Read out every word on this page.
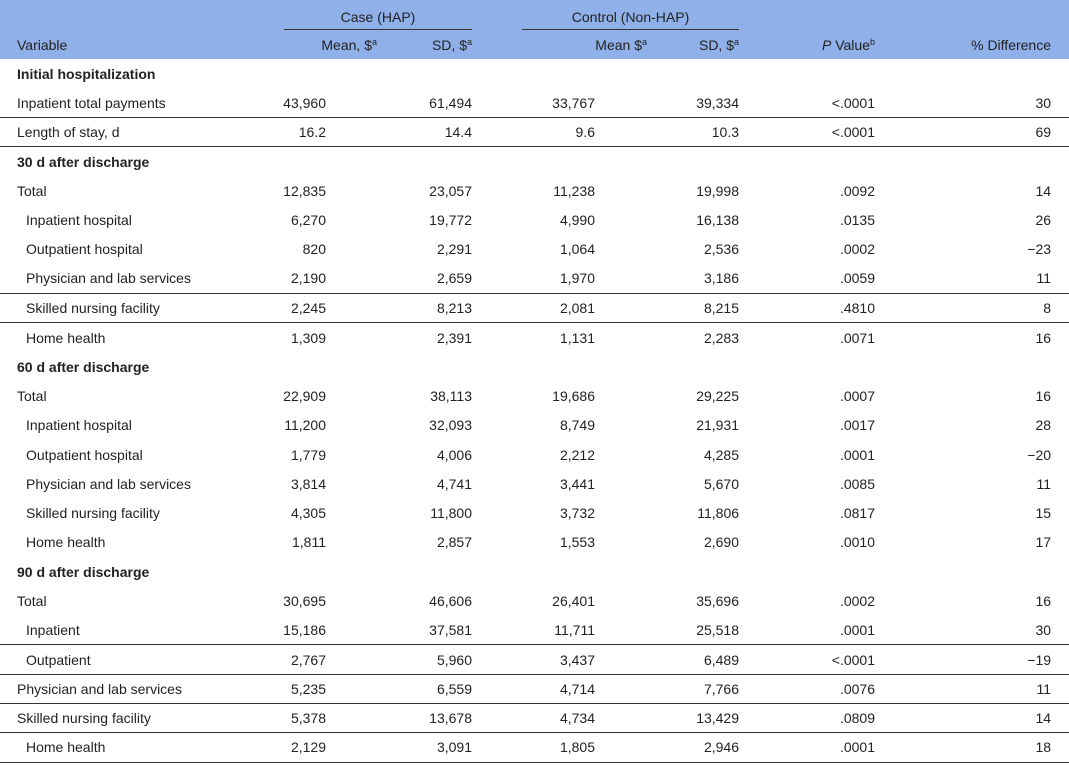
	Case (HAP)		Control (Non-HAP)			

Variable	Mean, \$$^a$	SD, \$$^a$	Mean \$$^a$	SD, \$$^a$	P Value$^b$	% Difference
Initial hospitalization						
Inpatient total payments	43,960	61,494	33,767	39,334	<.0001	30
Length of stay, d	16.2	14.4	9.6	10.3	<.0001	69
30 d after discharge						
Total	12,835	23,057	11,238	19,998	.0092	14
Inpatient hospital	6,270	19,772	4,990	16,138	.0135	26
Outpatient hospital	820	2,291	1,064	2,536	.0002	−23
Physician and lab services	2,190	2,659	1,970	3,186	.0059	11
Skilled nursing facility	2,245	8,213	2,081	8,215	.4810	8
Home health	1,309	2,391	1,131	2,283	.0071	16
60 d after discharge						
Total	22,909	38,113	19,686	29,225	.0007	16
Inpatient hospital	11,200	32,093	8,749	21,931	.0017	28
Outpatient hospital	1,779	4,006	2,212	4,285	.0001	−20
Physician and lab services	3,814	4,741	3,441	5,670	.0085	11
Skilled nursing facility	4,305	11,800	3,732	11,806	.0817	15
Home health	1,811	2,857	1,553	2,690	.0010	17
90 d after discharge						
Total	30,695	46,606	26,401	35,696	.0002	16
Inpatient	15,186	37,581	11,711	25,518	.0001	30
Outpatient	2,767	5,960	3,437	6,489	<.0001	−19
Physician and lab services	5,235	6,559	4,714	7,766	.0076	11
Skilled nursing facility	5,378	13,678	4,734	13,429	.0809	14
Home health	2,129	3,091	1,805	2,946	.0001	18
